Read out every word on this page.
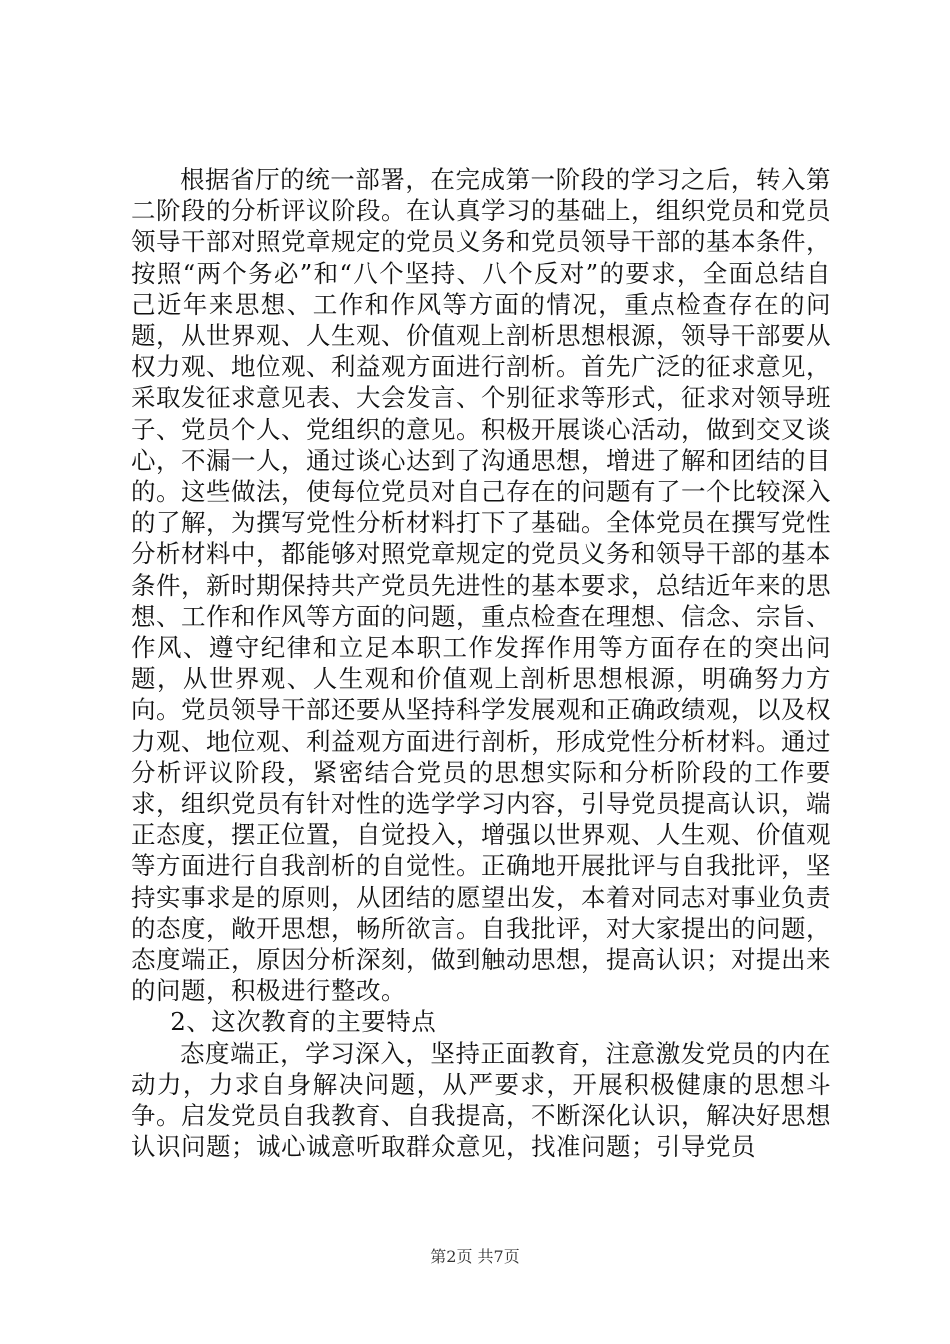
根据省厅的统一部署，在完成第一阶段的学习之后，转入第二阶段的分析评议阶段。在认真学习的基础上，组织党员和党员领导干部对照党章规定的党员义务和党员领导干部的基本条件，按照“两个务必”和“八个坚持、八个反对”的要求，全面总结自己近年来思想、工作和作风等方面的情况，重点检查存在的问题，从世界观、人生观、价值观上剖析思想根源，领导干部要从权力观、地位观、利益观方面进行剖析。首先广泛的征求意见，采取发征求意见表、大会发言、个别征求等形式，征求对领导班子、党员个人、党组织的意见。积极开展谈心活动，做到交叉谈心，不漏一人，通过谈心达到了沟通思想，增进了解和团结的目的。这些做法，使每位党员对自己存在的问题有了一个比较深入的了解，为撰写党性分析材料打下了基础。全体党员在撰写党性分析材料中，都能够对照党章规定的党员义务和领导干部的基本条件，新时期保持共产党员先进性的基本要求，总结近年来的思想、工作和作风等方面的问题，重点检查在理想、信念、宗旨、作风、遵守纪律和立足本职工作发挥作用等方面存在的突出问题，从世界观、人生观和价值观上剖析思想根源，明确努力方向。党员领导干部还要从坚持科学发展观和正确政绩观，以及权力观、地位观、利益观方面进行剖析，形成党性分析材料。通过分析评议阶段，紧密结合党员的思想实际和分析阶段的工作要求，组织党员有针对性的选学学习内容，引导党员提高认识，端正态度，摆正位置，自觉投入，增强以世界观、人生观、价值观等方面进行自我剖析的自觉性。正确地开展批评与自我批评，坚持实事求是的原则，从团结的愿望出发，本着对同志对事业负责的态度，敞开思想，畅所欲言。自我批评，对大家提出的问题，态度端正，原因分析深刻，做到触动思想，提高认识；对提出来的问题，积极进行整改。

2、这次教育的主要特点

态度端正，学习深入，坚持正面教育，注意激发党员的内在动力，力求自身解决问题，从严要求，开展积极健康的思想斗争。启发党员自我教育、自我提高，不断深化认识，解决好思想认识问题；诚心诚意听取群众意见，找准问题；引导党员

第2页 共7页
